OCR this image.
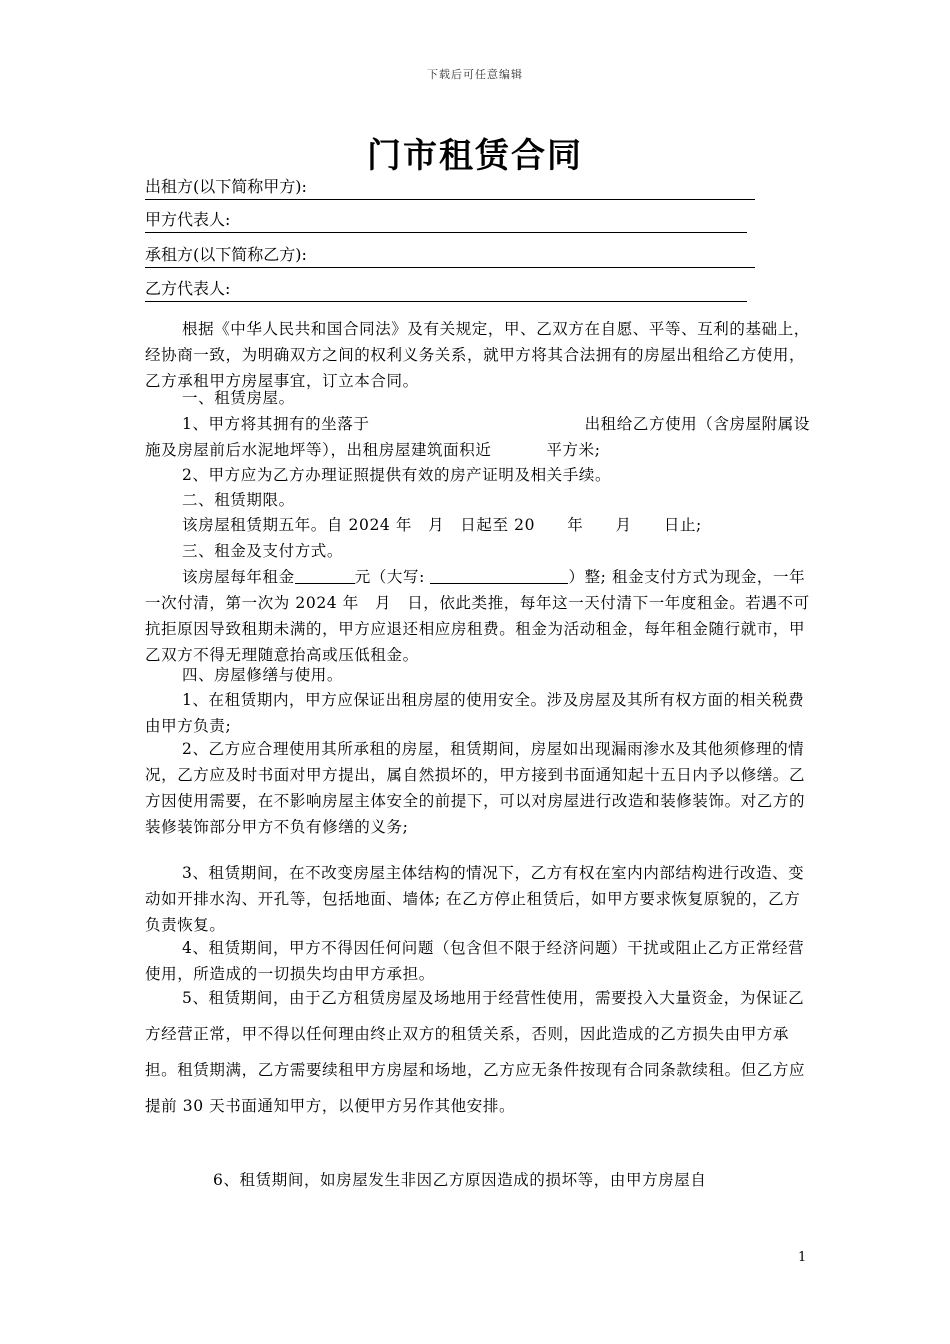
下载后可任意编辑
门市租赁合同
出租方(以下简称甲方):
甲方代表人:
承租方(以下简称乙方):
乙方代表人:

根据《中华人民共和国合同法》及有关规定，甲、乙双方在自愿、平等、互利的基础上，经协商一致，为明确双方之间的权利义务关系，就甲方将其合法拥有的房屋出租给乙方使用，乙方承租甲方房屋事宜，订立本合同。

一、租赁房屋。

1、甲方将其拥有的坐落于	出租给乙方使用（含房屋附属设施及房屋前后水泥地坪等），出租房屋建筑面积近	平方米;

2、甲方应为乙方办理证照提供有效的房产证明及相关手续。

二、租赁期限。

该房屋租赁期五年。自 2024 年　月　日起至 20　　年　　月　　日止;

三、租金及支付方式。

该房屋每年租金	元（大写:	）整; 租金支付方式为现金，一年一次付清，第一次为 2024 年　月　日，依此类推，每年这一天付清下一年度租金。若遇不可抗拒原因导致租期未满的，甲方应退还相应房租费。租金为活动租金，每年租金随行就市，甲乙双方不得无理随意抬高或压低租金。

四、房屋修缮与使用。

1、在租赁期内，甲方应保证出租房屋的使用安全。涉及房屋及其所有权方面的相关税费由甲方负责;

2、乙方应合理使用其所承租的房屋，租赁期间，房屋如出现漏雨渗水及其他须修理的情况，乙方应及时书面对甲方提出，属自然损坏的，甲方接到书面通知起十五日内予以修缮。乙方因使用需要，在不影响房屋主体安全的前提下，可以对房屋进行改造和装修装饰。对乙方的装修装饰部分甲方不负有修缮的义务;

3、租赁期间，在不改变房屋主体结构的情况下，乙方有权在室内内部结构进行改造、变动如开排水沟、开孔等，包括地面、墙体; 在乙方停止租赁后，如甲方要求恢复原貌的，乙方负责恢复。

4、租赁期间，甲方不得因任何问题（包含但不限于经济问题）干扰或阻止乙方正常经营使用，所造成的一切损失均由甲方承担。

5、租赁期间，由于乙方租赁房屋及场地用于经营性使用，需要投入大量资金，为保证乙方经营正常，甲不得以任何理由终止双方的租赁关系，否则，因此造成的乙方损失由甲方承担。租赁期满，乙方需要续租甲方房屋和场地，乙方应无条件按现有合同条款续租。但乙方应提前 30 天书面通知甲方，以便甲方另作其他安排。

6、租赁期间，如房屋发生非因乙方原因造成的损坏等，由甲方房屋自

1
